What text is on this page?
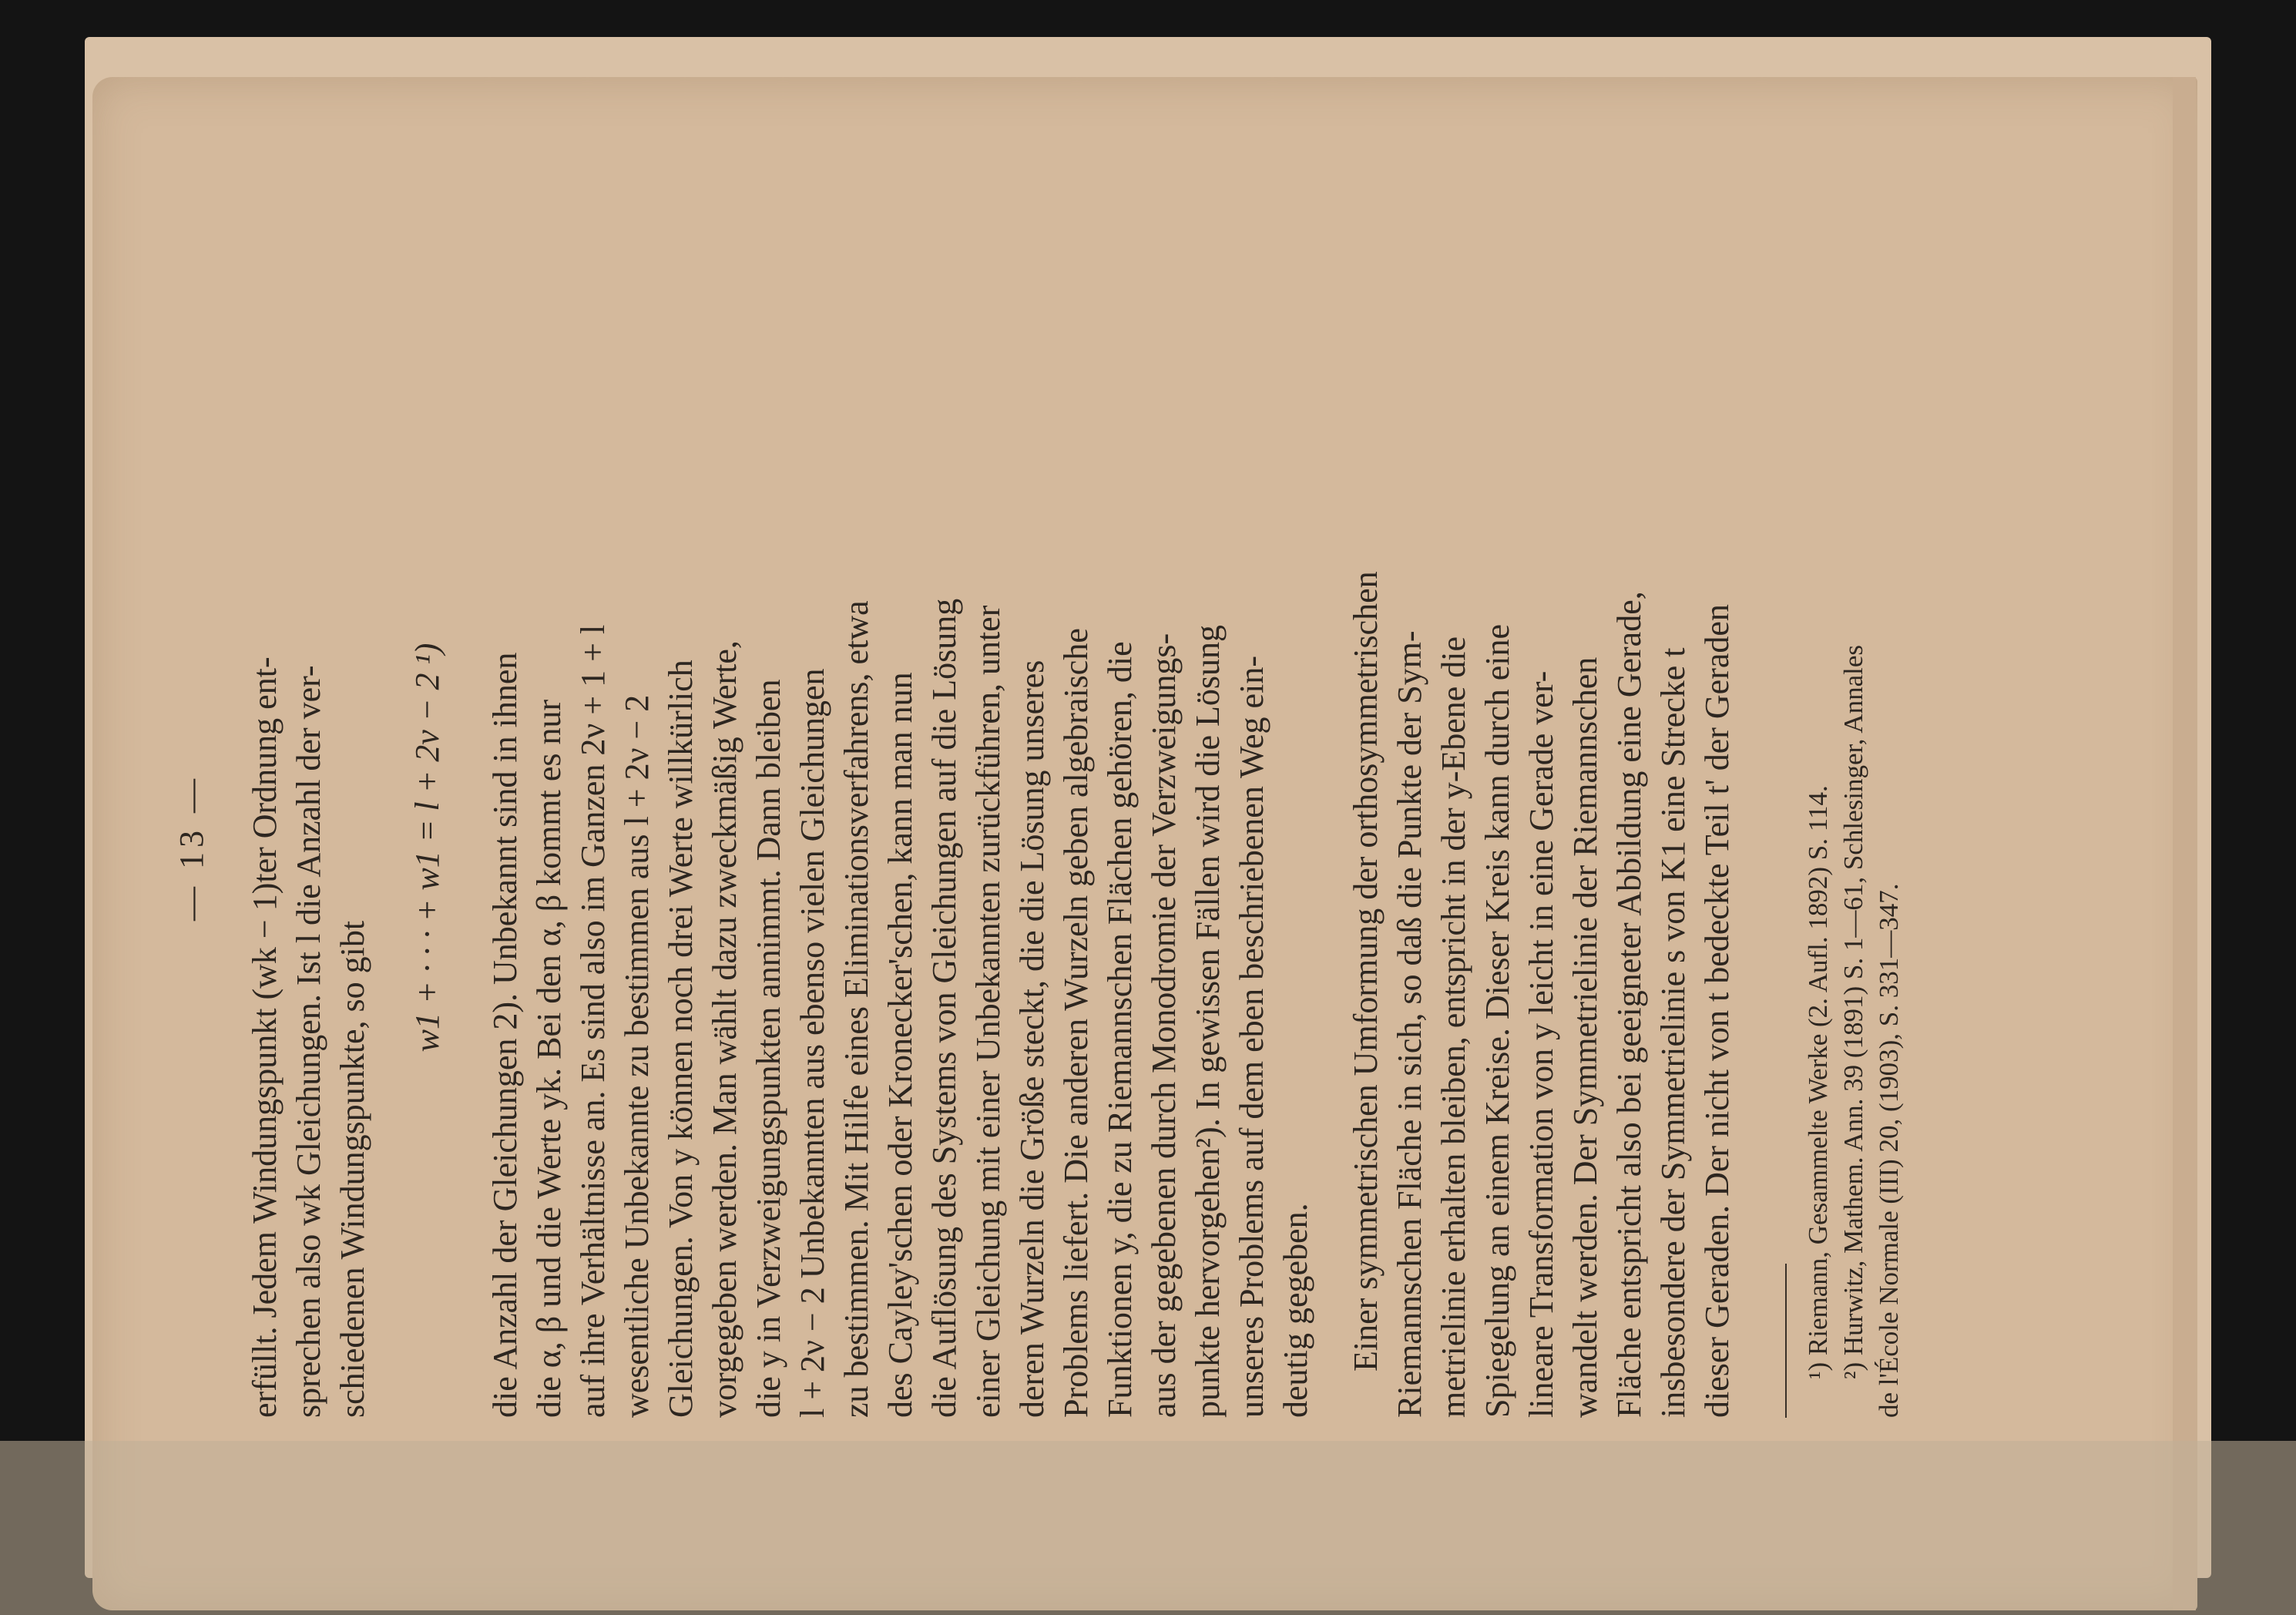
— 13 — erfüllt. Jedem Windungspunkt (wk − 1)ter Ordnung ent- sprechen also wk Gleichungen. Ist l die Anzahl der ver- schiedenen Windungspunkte, so gibt

w1 + · · · + w1 = l + 2ν − 2 ¹) die Anzahl der Gleichungen 2). Unbekannt sind in ihnen die α, β und die Werte yk. Bei den α, β kommt es nur auf ihre Verhältnisse an. Es sind also im Ganzen 2ν + 1 + l wesentliche Unbekannte zu bestimmen aus l + 2ν − 2 Gleichungen. Von y können noch drei Werte willkürlich vorgegeben werden. Man wählt dazu zweckmäßig Werte, die y in Verzweigungspunkten annimmt. Dann bleiben l + 2ν − 2 Unbekannten aus ebenso vielen Gleichungen zu bestimmen. Mit Hilfe eines Eliminationsverfahrens, etwa des Cayley'schen oder Kronecker'schen, kann man nun die Auflösung des Systems von Gleichungen auf die Lösung einer Gleichung mit einer Unbekannten zurückführen, unter deren Wurzeln die Größe steckt, die die Lösung unseres Problems liefert. Die anderen Wurzeln geben algebraische Funktionen y, die zu Riemannschen Flächen gehören, die aus der gegebenen durch Monodromie der Verzweigungs- punkte hervorgehen²). In gewissen Fällen wird die Lösung unseres Problems auf dem eben beschriebenen Weg ein- deutig gegeben. Einer symmetrischen Umformung der orthosymmetrischen Riemannschen Fläche in sich, so daß die Punkte der Sym- metrielinie erhalten bleiben, entspricht in der y-Ebene die Spiegelung an einem Kreise. Dieser Kreis kann durch eine lineare Transformation von y leicht in eine Gerade ver- wandelt werden. Der Symmetrielinie der Riemannschen Fläche entspricht also bei geeigneter Abbildung eine Gerade, insbesondere der Symmetrielinie s von K1 eine Strecke t dieser Geraden. Der nicht von t bedeckte Teil t' der Geraden ¹) Riemann, Gesammelte Werke (2. Aufl. 1892) S. 114. ²) Hurwitz, Mathem. Ann. 39 (1891) S. 1—61, Schlesinger, Annales de l'École Normale (III) 20, (1903), S. 331—347.
